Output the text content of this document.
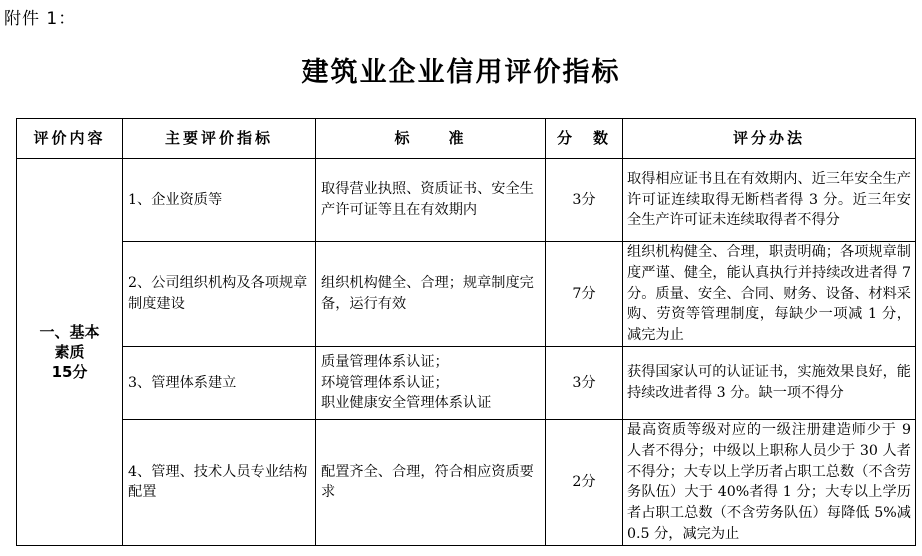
附件 1：
建筑业企业信用评价指标
评价内容	主要评价指标	标　　准	分　数	评分办法

一、基本
素质
15分	1、企业资质等	取得营业执照、资质证书、安全生产许可证等且在有效期内	3分	取得相应证书且在有效期内、近三年安全生产许可证连续取得无断档者得 3 分。近三年安全生产许可证未连续取得者不得分
	2、公司组织机构及各项规章制度建设	组织机构健全、合理；规章制度完备，运行有效	7分	组织机构健全、合理，职责明确；各项规章制度严谨、健全，能认真执行并持续改进者得 7 分。质量、安全、合同、财务、设备、材料采购、劳资等管理制度，每缺少一项减 1 分，减完为止
	3、管理体系建立	质量管理体系认证；
环境管理体系认证；
职业健康安全管理体系认证	3分	获得国家认可的认证证书，实施效果良好，能持续改进者得 3 分。缺一项不得分
	4、管理、技术人员专业结构配置	配置齐全、合理，符合相应资质要求	2分	最高资质等级对应的一级注册建造师少于 9 人者不得分；中级以上职称人员少于 30 人者不得分；大专以上学历者占职工总数（不含劳务队伍）大于 40%者得 1 分；大专以上学历者占职工总数（不含劳务队伍）每降低 5%减 0.5 分，减完为止
